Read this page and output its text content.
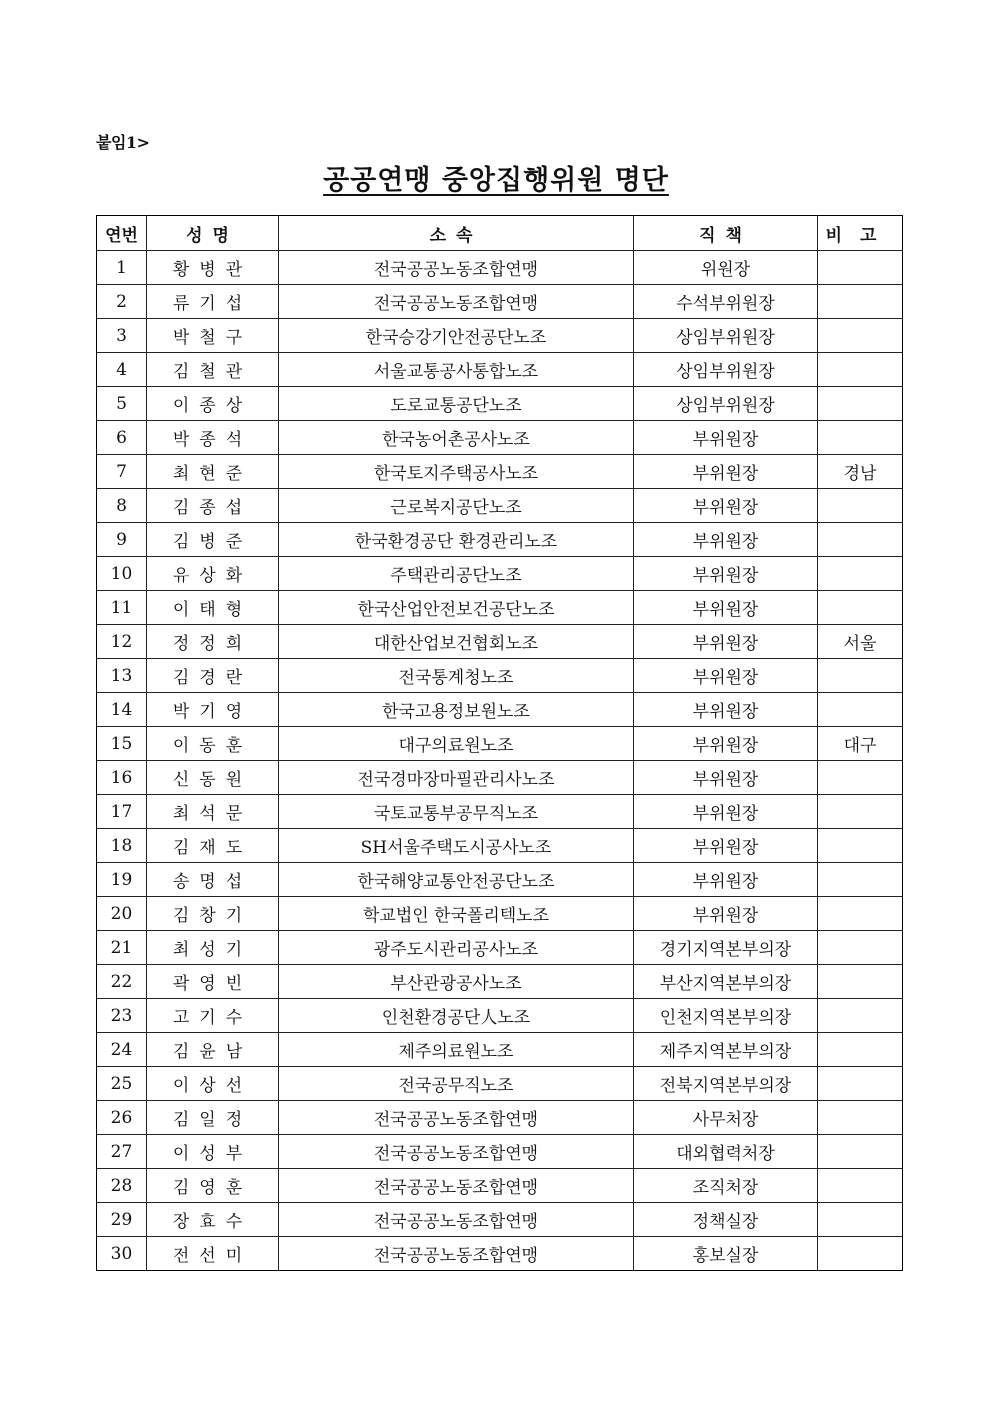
붙임1>
공공연맹 중앙집행위원 명단
연번	성명	소속	직책	비고
1	황병관	전국공공노동조합연맹	위원장	
2	류기섭	전국공공노동조합연맹	수석부위원장	
3	박철구	한국승강기안전공단노조	상임부위원장	
4	김철관	서울교통공사통합노조	상임부위원장	
5	이종상	도로교통공단노조	상임부위원장	
6	박종석	한국농어촌공사노조	부위원장	
7	최현준	한국토지주택공사노조	부위원장	경남
8	김종섭	근로복지공단노조	부위원장	
9	김병준	한국환경공단 환경관리노조	부위원장	
10	유상화	주택관리공단노조	부위원장	
11	이태형	한국산업안전보건공단노조	부위원장	
12	정정희	대한산업보건협회노조	부위원장	서울
13	김경란	전국통계청노조	부위원장	
14	박기영	한국고용정보원노조	부위원장	
15	이동훈	대구의료원노조	부위원장	대구
16	신동원	전국경마장마필관리사노조	부위원장	
17	최석문	국토교통부공무직노조	부위원장	
18	김재도	SH서울주택도시공사노조	부위원장	
19	송명섭	한국해양교통안전공단노조	부위원장	
20	김창기	학교법인 한국폴리텍노조	부위원장	
21	최성기	광주도시관리공사노조	경기지역본부의장	
22	곽영빈	부산관광공사노조	부산지역본부의장	
23	고기수	인천환경공단人노조	인천지역본부의장	
24	김윤남	제주의료원노조	제주지역본부의장	
25	이상선	전국공무직노조	전북지역본부의장	
26	김일정	전국공공노동조합연맹	사무처장	
27	이성부	전국공공노동조합연맹	대외협력처장	
28	김영훈	전국공공노동조합연맹	조직처장	
29	장효수	전국공공노동조합연맹	정책실장	
30	전선미	전국공공노동조합연맹	홍보실장	
